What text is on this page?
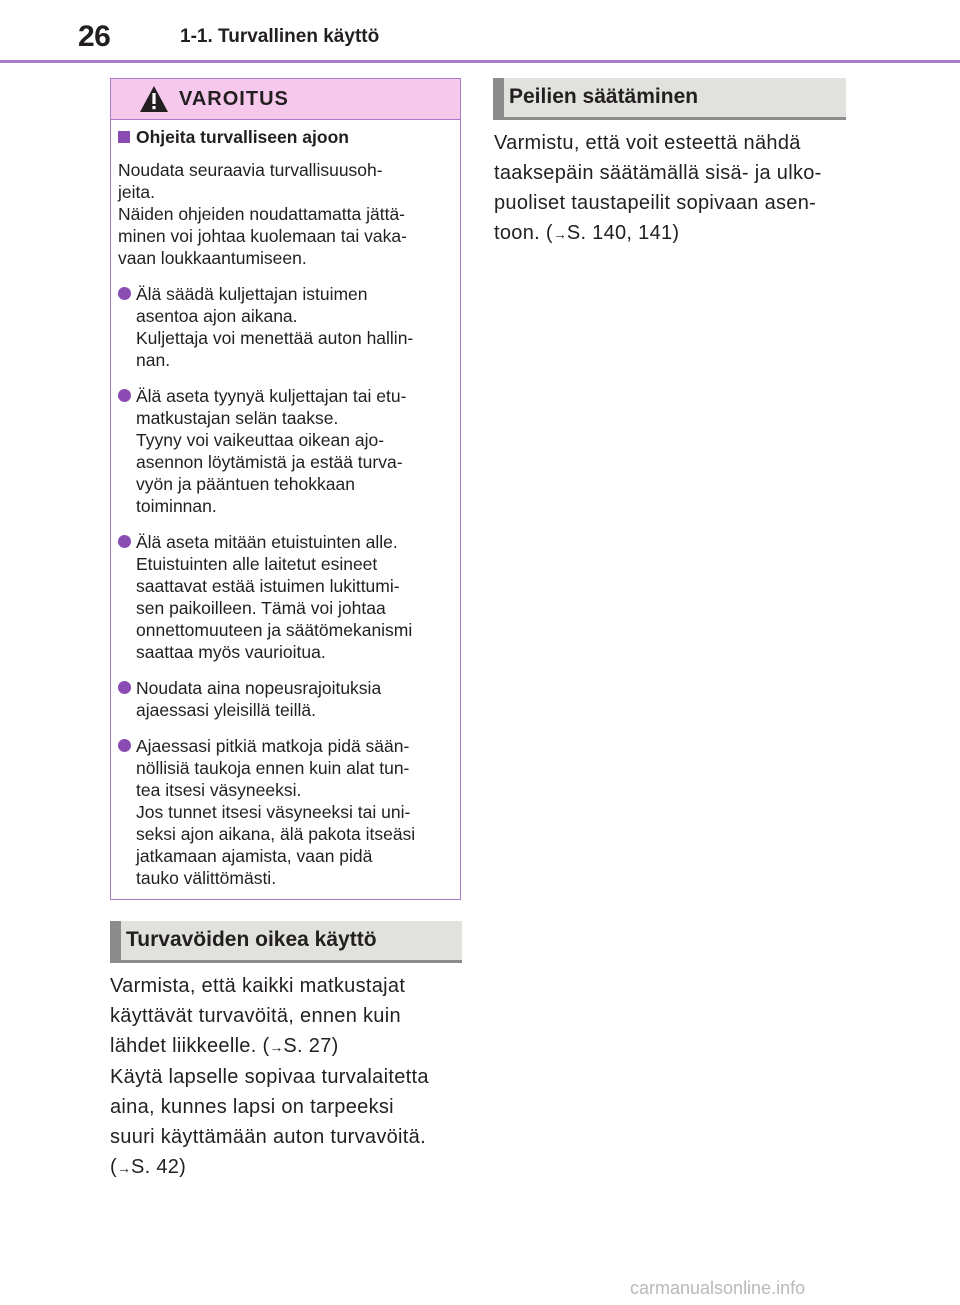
26	1-1. Turvallinen käyttö
VAROITUS
Ohjeita turvalliseen ajoon
Noudata seuraavia turvallisuusoh-
jeita.
Näiden ohjeiden noudattamatta jättä-
minen voi johtaa kuolemaan tai vaka-
vaan loukkaantumiseen.
Älä säädä kuljettajan istuimen
asentoa ajon aikana.
Kuljettaja voi menettää auton hallin-
nan.
Älä aseta tyynyä kuljettajan tai etu-
matkustajan selän taakse.
Tyyny voi vaikeuttaa oikean ajo-
asennon löytämistä ja estää turva-
vyön ja pääntuen tehokkaan
toiminnan.
Älä aseta mitään etuistuinten alle.
Etuistuinten alle laitetut esineet
saattavat estää istuimen lukittumi-
sen paikoilleen. Tämä voi johtaa
onnettomuuteen ja säätömekanismi
saattaa myös vaurioitua.
Noudata aina nopeusrajoituksia
ajaessasi yleisillä teillä.
Ajaessasi pitkiä matkoja pidä sään-
nöllisiä taukoja ennen kuin alat tun-
tea itsesi väsyneeksi.
Jos tunnet itsesi väsyneeksi tai uni-
seksi ajon aikana, älä pakota itseäsi
jatkamaan ajamista, vaan pidä
tauko välittömästi.
Turvavöiden oikea käyttö
Varmista, että kaikki matkustajat
käyttävät turvavöitä, ennen kuin
lähdet liikkeelle. (→S. 27)
Käytä lapselle sopivaa turvalaitetta
aina, kunnes lapsi on tarpeeksi
suuri käyttämään auton turvavöitä.
(→S. 42)
Peilien säätäminen
Varmistu, että voit esteettä nähdä
taaksepäin säätämällä sisä- ja ulko-
puoliset taustapeilit sopivaan asen-
toon. (→S. 140, 141)
carmanualsonline.info
